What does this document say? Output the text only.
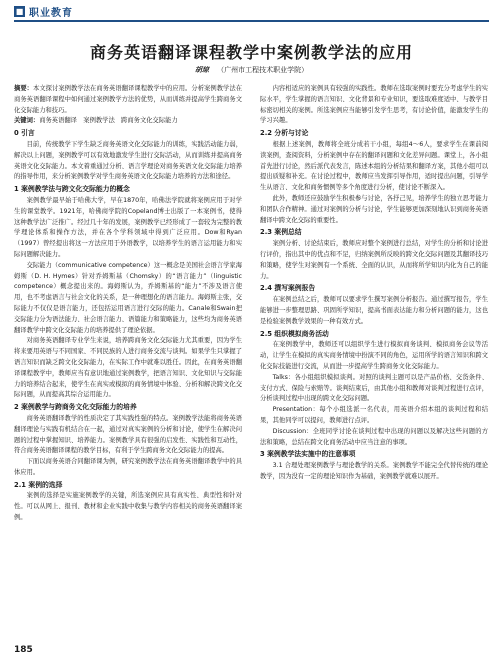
■ 职业教育
商务英语翻译课程教学中案例教学法的应用
胡琼 （广州市工程技术职业学院）

摘要：本文探讨案例教学法在商务英语翻译课程教学中的应用。分析案例教学法在商务英语翻译课程中如何通过案例教学方法的优势，从而训练并提高学生跨商务文化交际能力和技巧。

关键词：商务英语翻译　案例教学法　跨商务文化交际能力

0 引言

目前，传统教学下学生缺乏商务英语文化交际能力的训练，实践活动能力弱，解决以上问题，案例教学可以有效地激发学生进行交际活动，从而训练并提高商务英语文化交际能力。本文着重通过分析、语言学理论对商务英语文化交际能力培养的指导作用，来分析案例教学对学生商务英语文化交际能力培养的方法和途径。

1 案例教学法与跨文化交际能力的概念

案例教学最早始于哈佛大学，早在1870年，哈佛法学院就将案例应用于对学生的课堂教学。1921年，哈佛商学院的Copeland博士出版了一本案例书，使得这种教学法广泛推广。经过几十年的发展，案例教学已经形成了一套较为完整的教学理论体系和操作方法，并在各个学科领域中得到广泛应用。Dow和Ryan（1997）曾经提出将这一方法应用于外语教学，以培养学生的语言运用能力和实际问题解决能力。

交际能力（communicative competence）这一概念是美国社会语言学家海姆斯（D. H. Hymes）针对乔姆斯基（Chomsky）的“语言能力”（linguistic competence）概念提出来的。海姆斯认为，乔姆斯基的“能力”不涉及语言使用，也不考虑语言与社会文化的关系，是一种理想化的语言能力。海姆斯主张，交际能力不仅仅是语言能力，还包括运用语言进行交际的能力。Canale和Swain把交际能力分为语法能力、社会语言能力、语篇能力和策略能力，这些均为商务英语翻译教学中跨文化交际能力的培养提供了理论依据。

对商务英语翻译专业学生来说，培养跨商务文化交际能力尤其重要，因为学生将来要用英语与不同国家、不同民族的人进行商务交流与谈判。如果学生只掌握了语言知识而缺乏跨文化交际能力，在实际工作中就难以胜任。因此，在商务英语翻译课程教学中，教师应当有意识地通过案例教学，把语言知识、文化知识与交际能力的培养结合起来，使学生在真实或模拟的商务情境中体验、分析和解决跨文化交际问题，从而提高其综合运用能力。

2 案例教学与跨商务文化交际能力的培养

商务英语翻译教学的性质决定了其实践性强的特点。案例教学法能将商务英语翻译理论与实践有机结合在一起，通过对真实案例的分析和讨论，使学生在解决问题的过程中掌握知识、培养能力。案例教学具有很强的启发性、实践性和互动性，符合商务英语翻译课程的教学目标，有利于学生跨商务文化交际能力的提高。

下面以商务英语合同翻译课为例，研究案例教学法在商务英语翻译教学中的具体应用。

2.1 案例的选择

案例的选择是实施案例教学的关键，所选案例应具有真实性、典型性和针对性。可以从网上、报刊、教材和企业实践中收集与教学内容相关的商务英语翻译案例。

内容相适应的案例具有较强的实践性。教师在选取案例时要充分考虑学生的实际水平，学生掌握的语言知识、文化背景和专业知识，要选取难度适中、与教学目标密切相关的案例。所选案例应当能够引发学生思考，有讨论价值，能激发学生的学习兴趣。

2.2 分析与讨论

根据上述案例，教师将全班分成若干小组，每组4～6人，要求学生在课前阅读案例，查阅资料，分析案例中存在的翻译问题和文化差异问题。课堂上，各小组首先进行讨论，然后派代表发言，陈述本组的分析结果和翻译方案，其他小组可以提出质疑和补充。在讨论过程中，教师应当发挥引导作用，适时提出问题，引导学生从语言、文化和商务惯例等多个角度进行分析，使讨论不断深入。

此外，教师还应鼓励学生积极参与讨论，各抒己见，培养学生的独立思考能力和团队合作精神。通过对案例的分析与讨论，学生能够更加深刻地认识到商务英语翻译中跨文化交际的重要性。

2.3 案例总结

案例分析、讨论结束后，教师应对整个案例进行总结，对学生的分析和讨论进行评价，指出其中的优点和不足，归纳案例所反映的跨文化交际问题及其翻译技巧和策略，使学生对案例有一个系统、全面的认识，从而将所学知识内化为自己的能力。

2.4 撰写案例报告

在案例总结之后，教师可以要求学生撰写案例分析报告。通过撰写报告，学生能够进一步整理思路、巩固所学知识，提高书面表达能力和分析问题的能力，这也是检验案例教学效果的一种有效方式。

2.5 组织模拟商务活动

在案例教学中，教师还可以组织学生进行模拟商务谈判、模拟商务会议等活动，让学生在模拟的真实商务情境中扮演不同的角色，运用所学的语言知识和跨文化交际技能进行交流，从而进一步提高学生跨商务文化交际能力。

Talks：各小组组织模拟谈判。对照的谈判主题可以是产品价格、交货条件、支付方式、保险与索赔等。谈判结束后，由其他小组和教师对谈判过程进行点评，分析谈判过程中出现的跨文化交际问题。

Presentation：每个小组选派一名代表，用英语介绍本组的谈判过程和结果，其他同学可以提问，教师进行点评。

Discussion：全班同学讨论在谈判过程中出现的问题以及解决这些问题的方法和策略，总结在跨文化商务活动中应当注意的事项。

3 案例教学法实施中的注意事项

3.1 合理处理案例教学与理论教学的关系。案例教学不能完全代替传统的理论教学，因为没有一定的理论知识作为基础，案例教学就难以展开。

185
